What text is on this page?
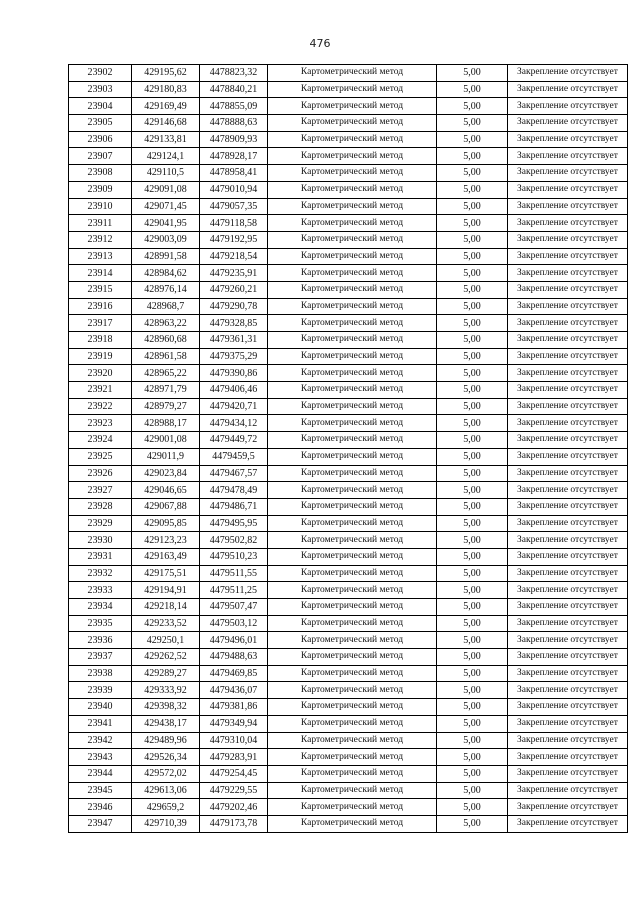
476
23902	429195,62	4478823,32	Картометрический метод	5,00	Закрепление отсутствует
23903	429180,83	4478840,21	Картометрический метод	5,00	Закрепление отсутствует
23904	429169,49	4478855,09	Картометрический метод	5,00	Закрепление отсутствует
23905	429146,68	4478888,63	Картометрический метод	5,00	Закрепление отсутствует
23906	429133,81	4478909,93	Картометрический метод	5,00	Закрепление отсутствует
23907	429124,1	4478928,17	Картометрический метод	5,00	Закрепление отсутствует
23908	429110,5	4478958,41	Картометрический метод	5,00	Закрепление отсутствует
23909	429091,08	4479010,94	Картометрический метод	5,00	Закрепление отсутствует
23910	429071,45	4479057,35	Картометрический метод	5,00	Закрепление отсутствует
23911	429041,95	4479118,58	Картометрический метод	5,00	Закрепление отсутствует
23912	429003,09	4479192,95	Картометрический метод	5,00	Закрепление отсутствует
23913	428991,58	4479218,54	Картометрический метод	5,00	Закрепление отсутствует
23914	428984,62	4479235,91	Картометрический метод	5,00	Закрепление отсутствует
23915	428976,14	4479260,21	Картометрический метод	5,00	Закрепление отсутствует
23916	428968,7	4479290,78	Картометрический метод	5,00	Закрепление отсутствует
23917	428963,22	4479328,85	Картометрический метод	5,00	Закрепление отсутствует
23918	428960,68	4479361,31	Картометрический метод	5,00	Закрепление отсутствует
23919	428961,58	4479375,29	Картометрический метод	5,00	Закрепление отсутствует
23920	428965,22	4479390,86	Картометрический метод	5,00	Закрепление отсутствует
23921	428971,79	4479406,46	Картометрический метод	5,00	Закрепление отсутствует
23922	428979,27	4479420,71	Картометрический метод	5,00	Закрепление отсутствует
23923	428988,17	4479434,12	Картометрический метод	5,00	Закрепление отсутствует
23924	429001,08	4479449,72	Картометрический метод	5,00	Закрепление отсутствует
23925	429011,9	4479459,5	Картометрический метод	5,00	Закрепление отсутствует
23926	429023,84	4479467,57	Картометрический метод	5,00	Закрепление отсутствует
23927	429046,65	4479478,49	Картометрический метод	5,00	Закрепление отсутствует
23928	429067,88	4479486,71	Картометрический метод	5,00	Закрепление отсутствует
23929	429095,85	4479495,95	Картометрический метод	5,00	Закрепление отсутствует
23930	429123,23	4479502,82	Картометрический метод	5,00	Закрепление отсутствует
23931	429163,49	4479510,23	Картометрический метод	5,00	Закрепление отсутствует
23932	429175,51	4479511,55	Картометрический метод	5,00	Закрепление отсутствует
23933	429194,91	4479511,25	Картометрический метод	5,00	Закрепление отсутствует
23934	429218,14	4479507,47	Картометрический метод	5,00	Закрепление отсутствует
23935	429233,52	4479503,12	Картометрический метод	5,00	Закрепление отсутствует
23936	429250,1	4479496,01	Картометрический метод	5,00	Закрепление отсутствует
23937	429262,52	4479488,63	Картометрический метод	5,00	Закрепление отсутствует
23938	429289,27	4479469,85	Картометрический метод	5,00	Закрепление отсутствует
23939	429333,92	4479436,07	Картометрический метод	5,00	Закрепление отсутствует
23940	429398,32	4479381,86	Картометрический метод	5,00	Закрепление отсутствует
23941	429438,17	4479349,94	Картометрический метод	5,00	Закрепление отсутствует
23942	429489,96	4479310,04	Картометрический метод	5,00	Закрепление отсутствует
23943	429526,34	4479283,91	Картометрический метод	5,00	Закрепление отсутствует
23944	429572,02	4479254,45	Картометрический метод	5,00	Закрепление отсутствует
23945	429613,06	4479229,55	Картометрический метод	5,00	Закрепление отсутствует
23946	429659,2	4479202,46	Картометрический метод	5,00	Закрепление отсутствует
23947	429710,39	4479173,78	Картометрический метод	5,00	Закрепление отсутствует
